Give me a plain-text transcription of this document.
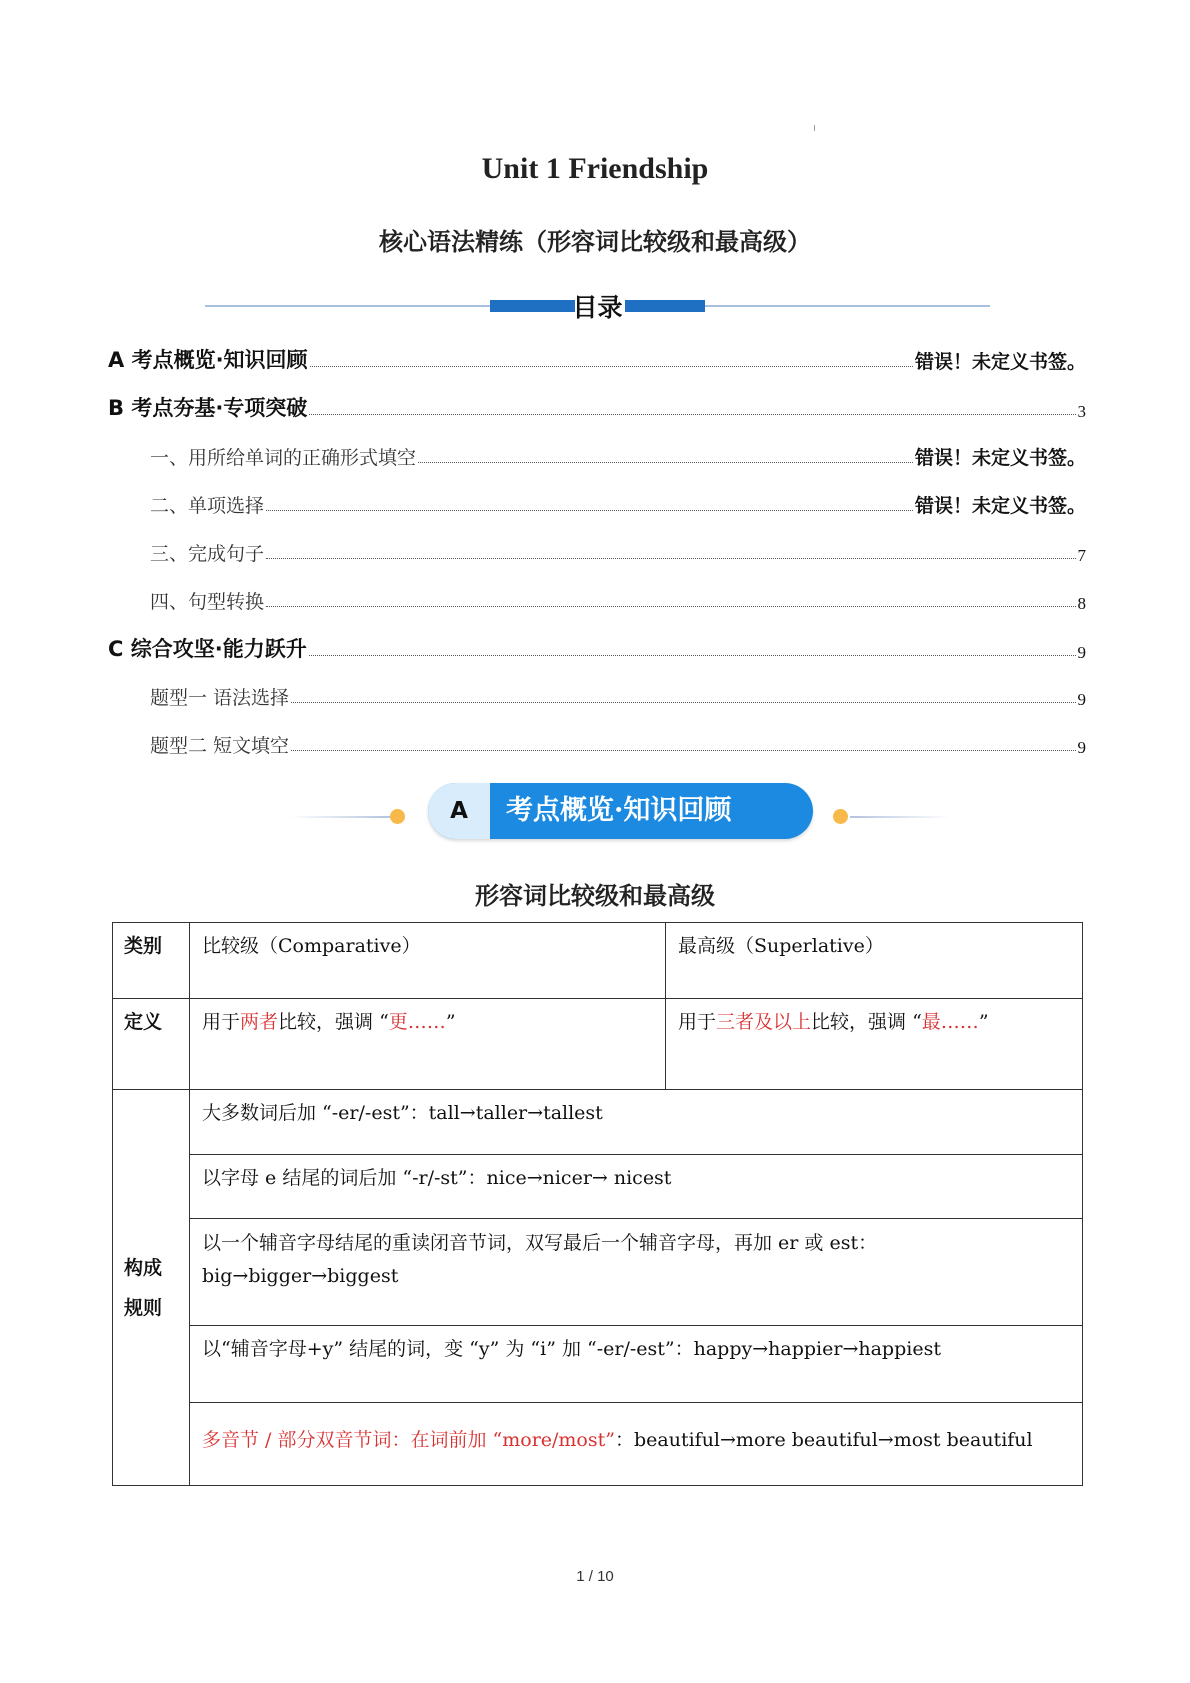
Unit 1 Friendship
核心语法精练（形容词比较级和最高级）
目录
A 考点概览·知识回顾	错误！未定义书签。
B 考点夯基·专项突破	3
一、用所给单词的正确形式填空	错误！未定义书签。
二、单项选择	错误！未定义书签。
三、完成句子	7
四、句型转换	8
C 综合攻坚·能力跃升	9
题型一 语法选择	9
题型二 短文填空	9
A	考点概览·知识回顾
形容词比较级和最高级
类别	比较级（Comparative）	最高级（Superlative）
定义	用于两者比较，强调 “更……”	用于三者及以上比较，强调 “最……”
构成
规则	大多数词后加 “-er/-est”：tall→taller→tallest	
	以字母 e 结尾的词后加 “-r/-st”：nice→nicer→ nicest	
	以一个辅音字母结尾的重读闭音节词，双写最后一个辅音字母，再加 er 或 est：big→bigger→biggest	
	以“辅音字母+y” 结尾的词，变 “y” 为 “i” 加 “-er/-est”：happy→happier→happiest	
	多音节 / 部分双音节词：在词前加 “more/most”：beautiful→more beautiful→most beautiful	
1 / 10
